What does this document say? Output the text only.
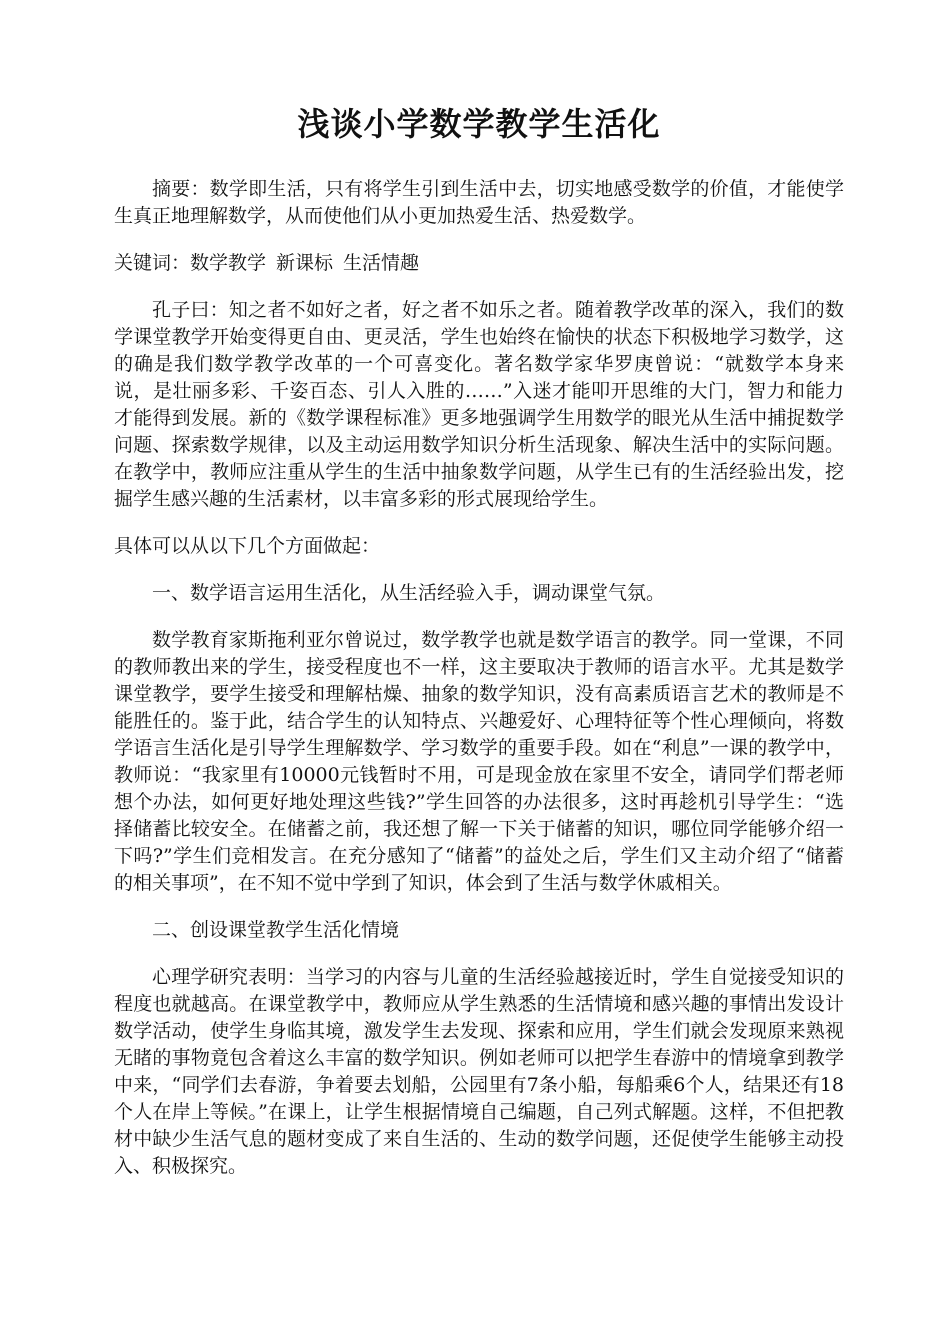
浅谈小学数学教学生活化

摘要：数学即生活，只有将学生引到生活中去，切实地感受数学的价值，才能使学生真正地理解数学，从而使他们从小更加热爱生活、热爱数学。

关键词：数学教学 新课标 生活情趣

孔子曰：知之者不如好之者，好之者不如乐之者。随着教学改革的深入，我们的数学课堂教学开始变得更自由、更灵活，学生也始终在愉快的状态下积极地学习数学，这的确是我们数学教学改革的一个可喜变化。著名数学家华罗庚曾说：“就数学本身来说，是壮丽多彩、千姿百态、引人入胜的……”入迷才能叩开思维的大门，智力和能力才能得到发展。新的《数学课程标准》更多地强调学生用数学的眼光从生活中捕捉数学问题、探索数学规律，以及主动运用数学知识分析生活现象、解决生活中的实际问题。在教学中，教师应注重从学生的生活中抽象数学问题，从学生已有的生活经验出发，挖掘学生感兴趣的生活素材，以丰富多彩的形式展现给学生。

具体可以从以下几个方面做起：

一、数学语言运用生活化，从生活经验入手，调动课堂气氛。

数学教育家斯拖利亚尔曾说过，数学教学也就是数学语言的教学。同一堂课，不同的教师教出来的学生，接受程度也不一样，这主要取决于教师的语言水平。尤其是数学课堂教学，要学生接受和理解枯燥、抽象的数学知识，没有高素质语言艺术的教师是不能胜任的。鉴于此，结合学生的认知特点、兴趣爱好、心理特征等个性心理倾向，将数学语言生活化是引导学生理解数学、学习数学的重要手段。如在“利息”一课的教学中，教师说：“我家里有10000元钱暂时不用，可是现金放在家里不安全，请同学们帮老师想个办法，如何更好地处理这些钱?”学生回答的办法很多，这时再趁机引导学生：“选择储蓄比较安全。在储蓄之前，我还想了解一下关于储蓄的知识，哪位同学能够介绍一下吗?”学生们竞相发言。在充分感知了“储蓄”的益处之后，学生们又主动介绍了“储蓄的相关事项”，在不知不觉中学到了知识，体会到了生活与数学休戚相关。

二、创设课堂教学生活化情境

心理学研究表明：当学习的内容与儿童的生活经验越接近时，学生自觉接受知识的程度也就越高。在课堂教学中，教师应从学生熟悉的生活情境和感兴趣的事情出发设计数学活动，使学生身临其境，激发学生去发现、探索和应用，学生们就会发现原来熟视无睹的事物竟包含着这么丰富的数学知识。例如老师可以把学生春游中的情境拿到教学中来，“同学们去春游，争着要去划船，公园里有7条小船，每船乘6个人，结果还有18个人在岸上等候。”在课上，让学生根据情境自己编题，自己列式解题。这样，不但把教材中缺少生活气息的题材变成了来自生活的、生动的数学问题，还促使学生能够主动投入、积极探究。
